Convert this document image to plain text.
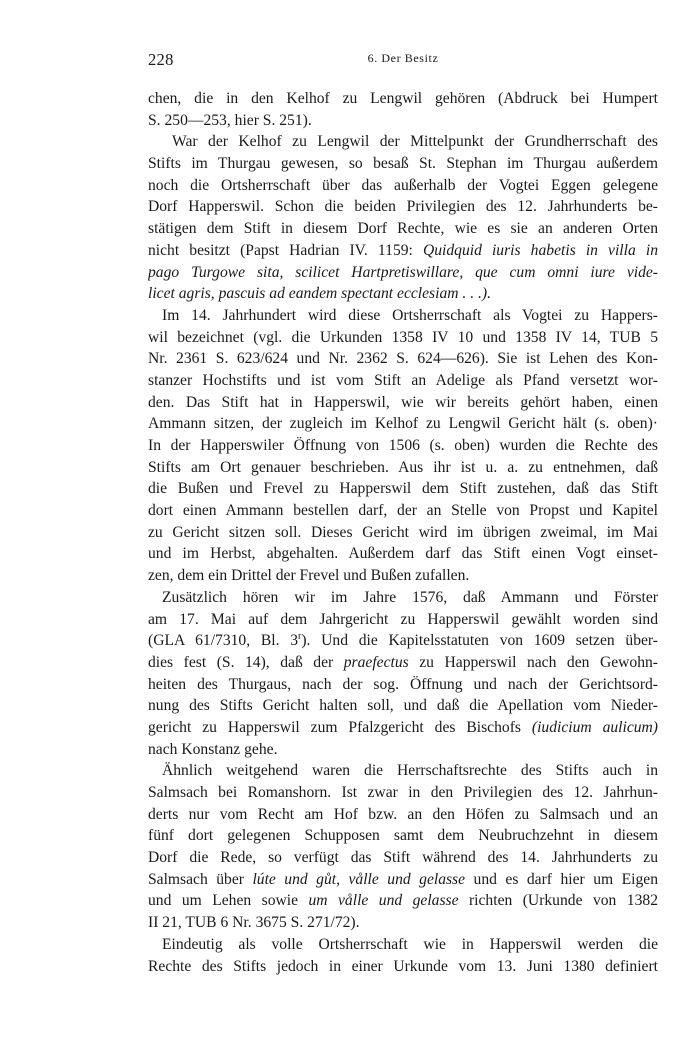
228	6. Der Besitz
chen, die in den Kelhof zu Lengwil gehören (Abdruck bei Humpert
S. 250—253, hier S. 251).
War der Kelhof zu Lengwil der Mittelpunkt der Grundherrschaft des
Stifts im Thurgau gewesen, so besaß St. Stephan im Thurgau außerdem
noch die Ortsherrschaft über das außerhalb der Vogtei Eggen gelegene
Dorf Happerswil. Schon die beiden Privilegien des 12. Jahrhunderts be-
stätigen dem Stift in diesem Dorf Rechte, wie es sie an anderen Orten
nicht besitzt (Papst Hadrian IV. 1159: Quidquid iuris habetis in villa in
pago Turgowe sita, scilicet Hartpretiswillare, que cum omni iure vide-
licet agris, pascuis ad eandem spectant ecclesiam . . .).
Im 14. Jahrhundert wird diese Ortsherrschaft als Vogtei zu Happers-
wil bezeichnet (vgl. die Urkunden 1358 IV 10 und 1358 IV 14, TUB 5
Nr. 2361 S. 623/624 und Nr. 2362 S. 624—626). Sie ist Lehen des Kon-
stanzer Hochstifts und ist vom Stift an Adelige als Pfand versetzt wor-
den. Das Stift hat in Happerswil, wie wir bereits gehört haben, einen
Ammann sitzen, der zugleich im Kelhof zu Lengwil Gericht hält (s. oben)·
In der Happerswiler Öffnung von 1506 (s. oben) wurden die Rechte des
Stifts am Ort genauer beschrieben. Aus ihr ist u. a. zu entnehmen, daß
die Bußen und Frevel zu Happerswil dem Stift zustehen, daß das Stift
dort einen Ammann bestellen darf, der an Stelle von Propst und Kapitel
zu Gericht sitzen soll. Dieses Gericht wird im übrigen zweimal, im Mai
und im Herbst, abgehalten. Außerdem darf das Stift einen Vogt einset-
zen, dem ein Drittel der Frevel und Bußen zufallen.
Zusätzlich hören wir im Jahre 1576, daß Ammann und Förster
am 17. Mai auf dem Jahrgericht zu Happerswil gewählt worden sind
(GLA 61/7310, Bl. 3$^r$). Und die Kapitelsstatuten von 1609 setzen über-
dies fest (S. 14), daß der praefectus zu Happerswil nach den Gewohn-
heiten des Thurgaus, nach der sog. Öffnung und nach der Gerichtsord-
nung des Stifts Gericht halten soll, und daß die Apellation vom Nieder-
gericht zu Happerswil zum Pfalzgericht des Bischofs (iudicium aulicum)
nach Konstanz gehe.
Ähnlich weitgehend waren die Herrschaftsrechte des Stifts auch in
Salmsach bei Romanshorn. Ist zwar in den Privilegien des 12. Jahrhun-
derts nur vom Recht am Hof bzw. an den Höfen zu Salmsach und an
fünf dort gelegenen Schupposen samt dem Neubruchzehnt in diesem
Dorf die Rede, so verfügt das Stift während des 14. Jahrhunderts zu
Salmsach über lúte und gůt, vålle und gelasse und es darf hier um Eigen
und um Lehen sowie um vålle und gelasse richten (Urkunde von 1382
II 21, TUB 6 Nr. 3675 S. 271/72).
Eindeutig als volle Ortsherrschaft wie in Happerswil werden die
Rechte des Stifts jedoch in einer Urkunde vom 13. Juni 1380 definiert
